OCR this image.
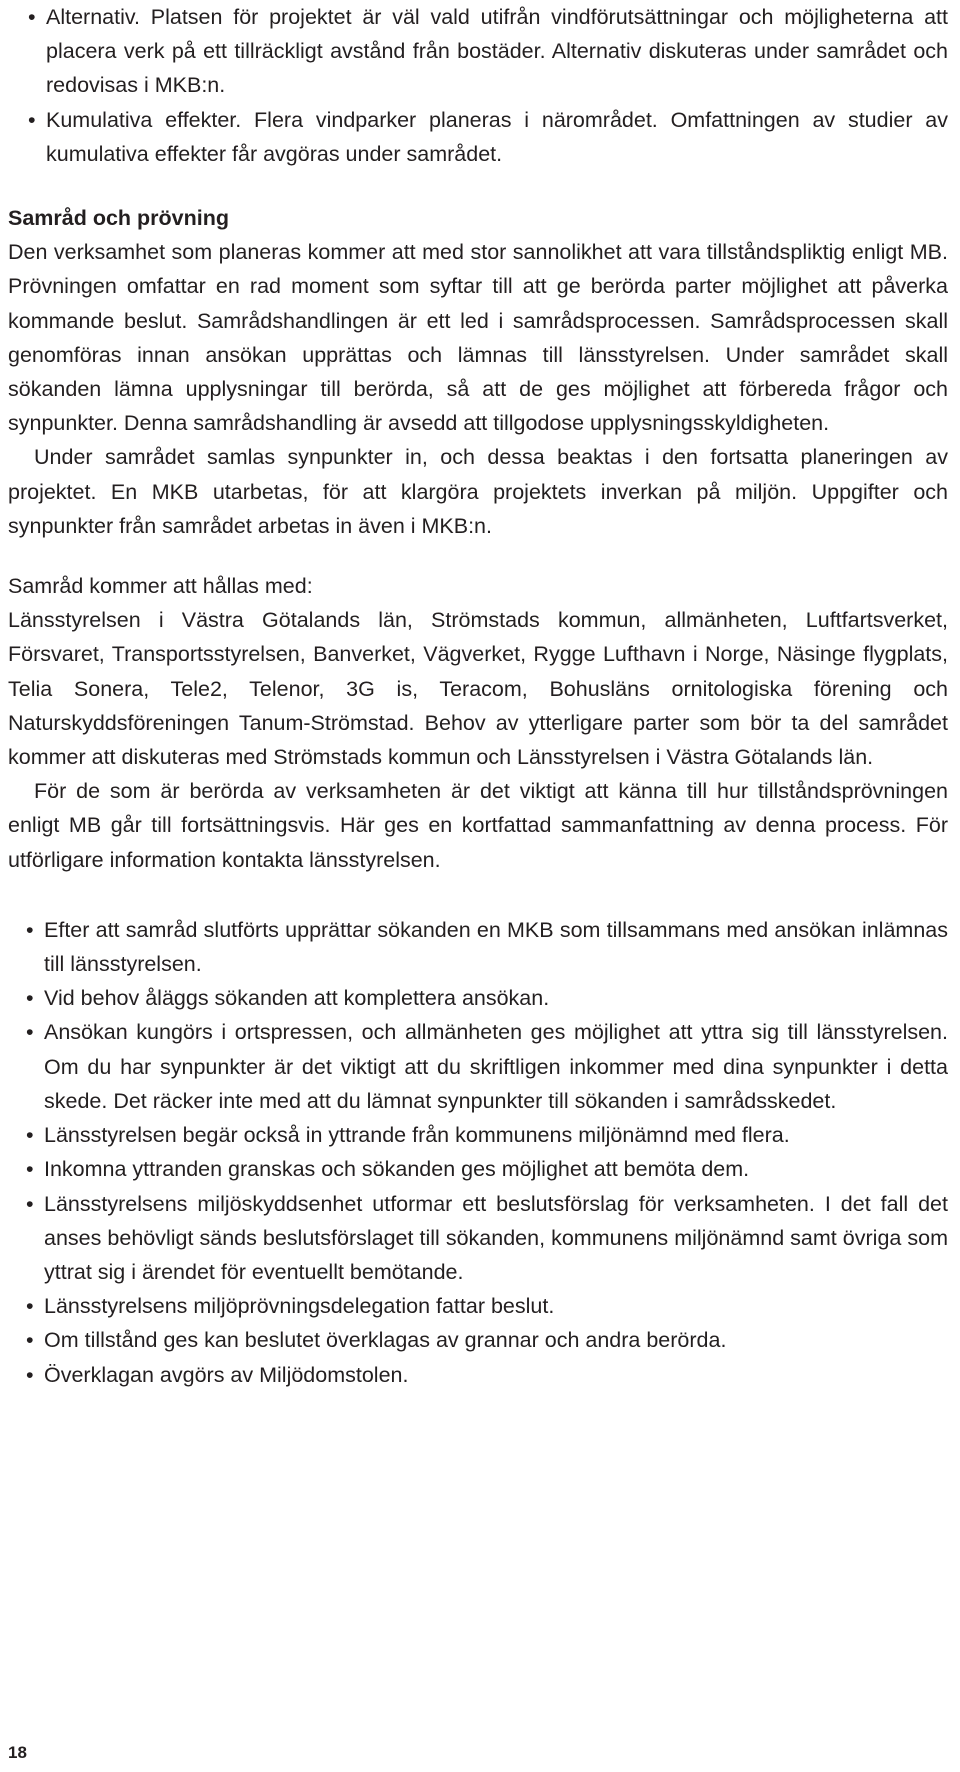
• Alternativ. Platsen för projektet är väl vald utifrån vindförutsättningar och möjligheterna att placera verk på ett tillräckligt avstånd från bostäder. Alternativ diskuteras under samrådet och redovisas i MKB:n.
• Kumulativa effekter. Flera vindparker planeras i närområdet. Omfattningen av studier av kumulativa effekter får avgöras under samrådet.
Samråd och prövning

Den verksamhet som planeras kommer att med stor sannolikhet att vara tillståndspliktig enligt MB. Prövningen omfattar en rad moment som syftar till att ge berörda parter möjlighet att påverka kommande beslut. Samrådshandlingen är ett led i samrådsprocessen. Samrådsprocessen skall genomföras innan ansökan upprättas och lämnas till länsstyrelsen. Under samrådet skall sökanden lämna upplysningar till berörda, så att de ges möjlighet att förbereda frågor och synpunkter. Denna samrådshandling är avsedd att tillgodose upplysningsskyldigheten.

Under samrådet samlas synpunkter in, och dessa beaktas i den fortsatta planeringen av projektet. En MKB utarbetas, för att klargöra projektets inverkan på miljön. Uppgifter och synpunkter från samrådet arbetas in även i MKB:n.

Samråd kommer att hållas med:

Länsstyrelsen i Västra Götalands län, Strömstads kommun, allmänheten, Luftfartsverket, Försvaret, Transportsstyrelsen, Banverket, Vägverket, Rygge Lufthavn i Norge, Näsinge flygplats, Telia Sonera, Tele2, Telenor, 3G is, Teracom, Bohusläns ornitologiska förening och Naturskyddsföreningen Tanum-Strömstad. Behov av ytterligare parter som bör ta del samrådet kommer att diskuteras med Strömstads kommun och Länsstyrelsen i Västra Götalands län.

För de som är berörda av verksamheten är det viktigt att känna till hur tillståndsprövningen enligt MB går till fortsättningsvis. Här ges en kortfattad sammanfattning av denna process. För utförligare information kontakta länsstyrelsen.

• Efter att samråd slutförts upprättar sökanden en MKB som tillsammans med ansökan inlämnas till länsstyrelsen.
• Vid behov åläggs sökanden att komplettera ansökan.
• Ansökan kungörs i ortspressen, och allmänheten ges möjlighet att yttra sig till länsstyrelsen. Om du har synpunkter är det viktigt att du skriftligen inkommer med dina synpunkter i detta skede. Det räcker inte med att du lämnat synpunkter till sökanden i samrådsskedet.
• Länsstyrelsen begär också in yttrande från kommunens miljönämnd med flera.
• Inkomna yttranden granskas och sökanden ges möjlighet att bemöta dem.
• Länsstyrelsens miljöskyddsenhet utformar ett beslutsförslag för verksamheten. I det fall det anses behövligt sänds beslutsförslaget till sökanden, kommunens miljönämnd samt övriga som yttrat sig i ärendet för eventuellt bemötande.
• Länsstyrelsens miljöprövningsdelegation fattar beslut.
• Om tillstånd ges kan beslutet överklagas av grannar och andra berörda.
• Överklagan avgörs av Miljödomstolen.
18
